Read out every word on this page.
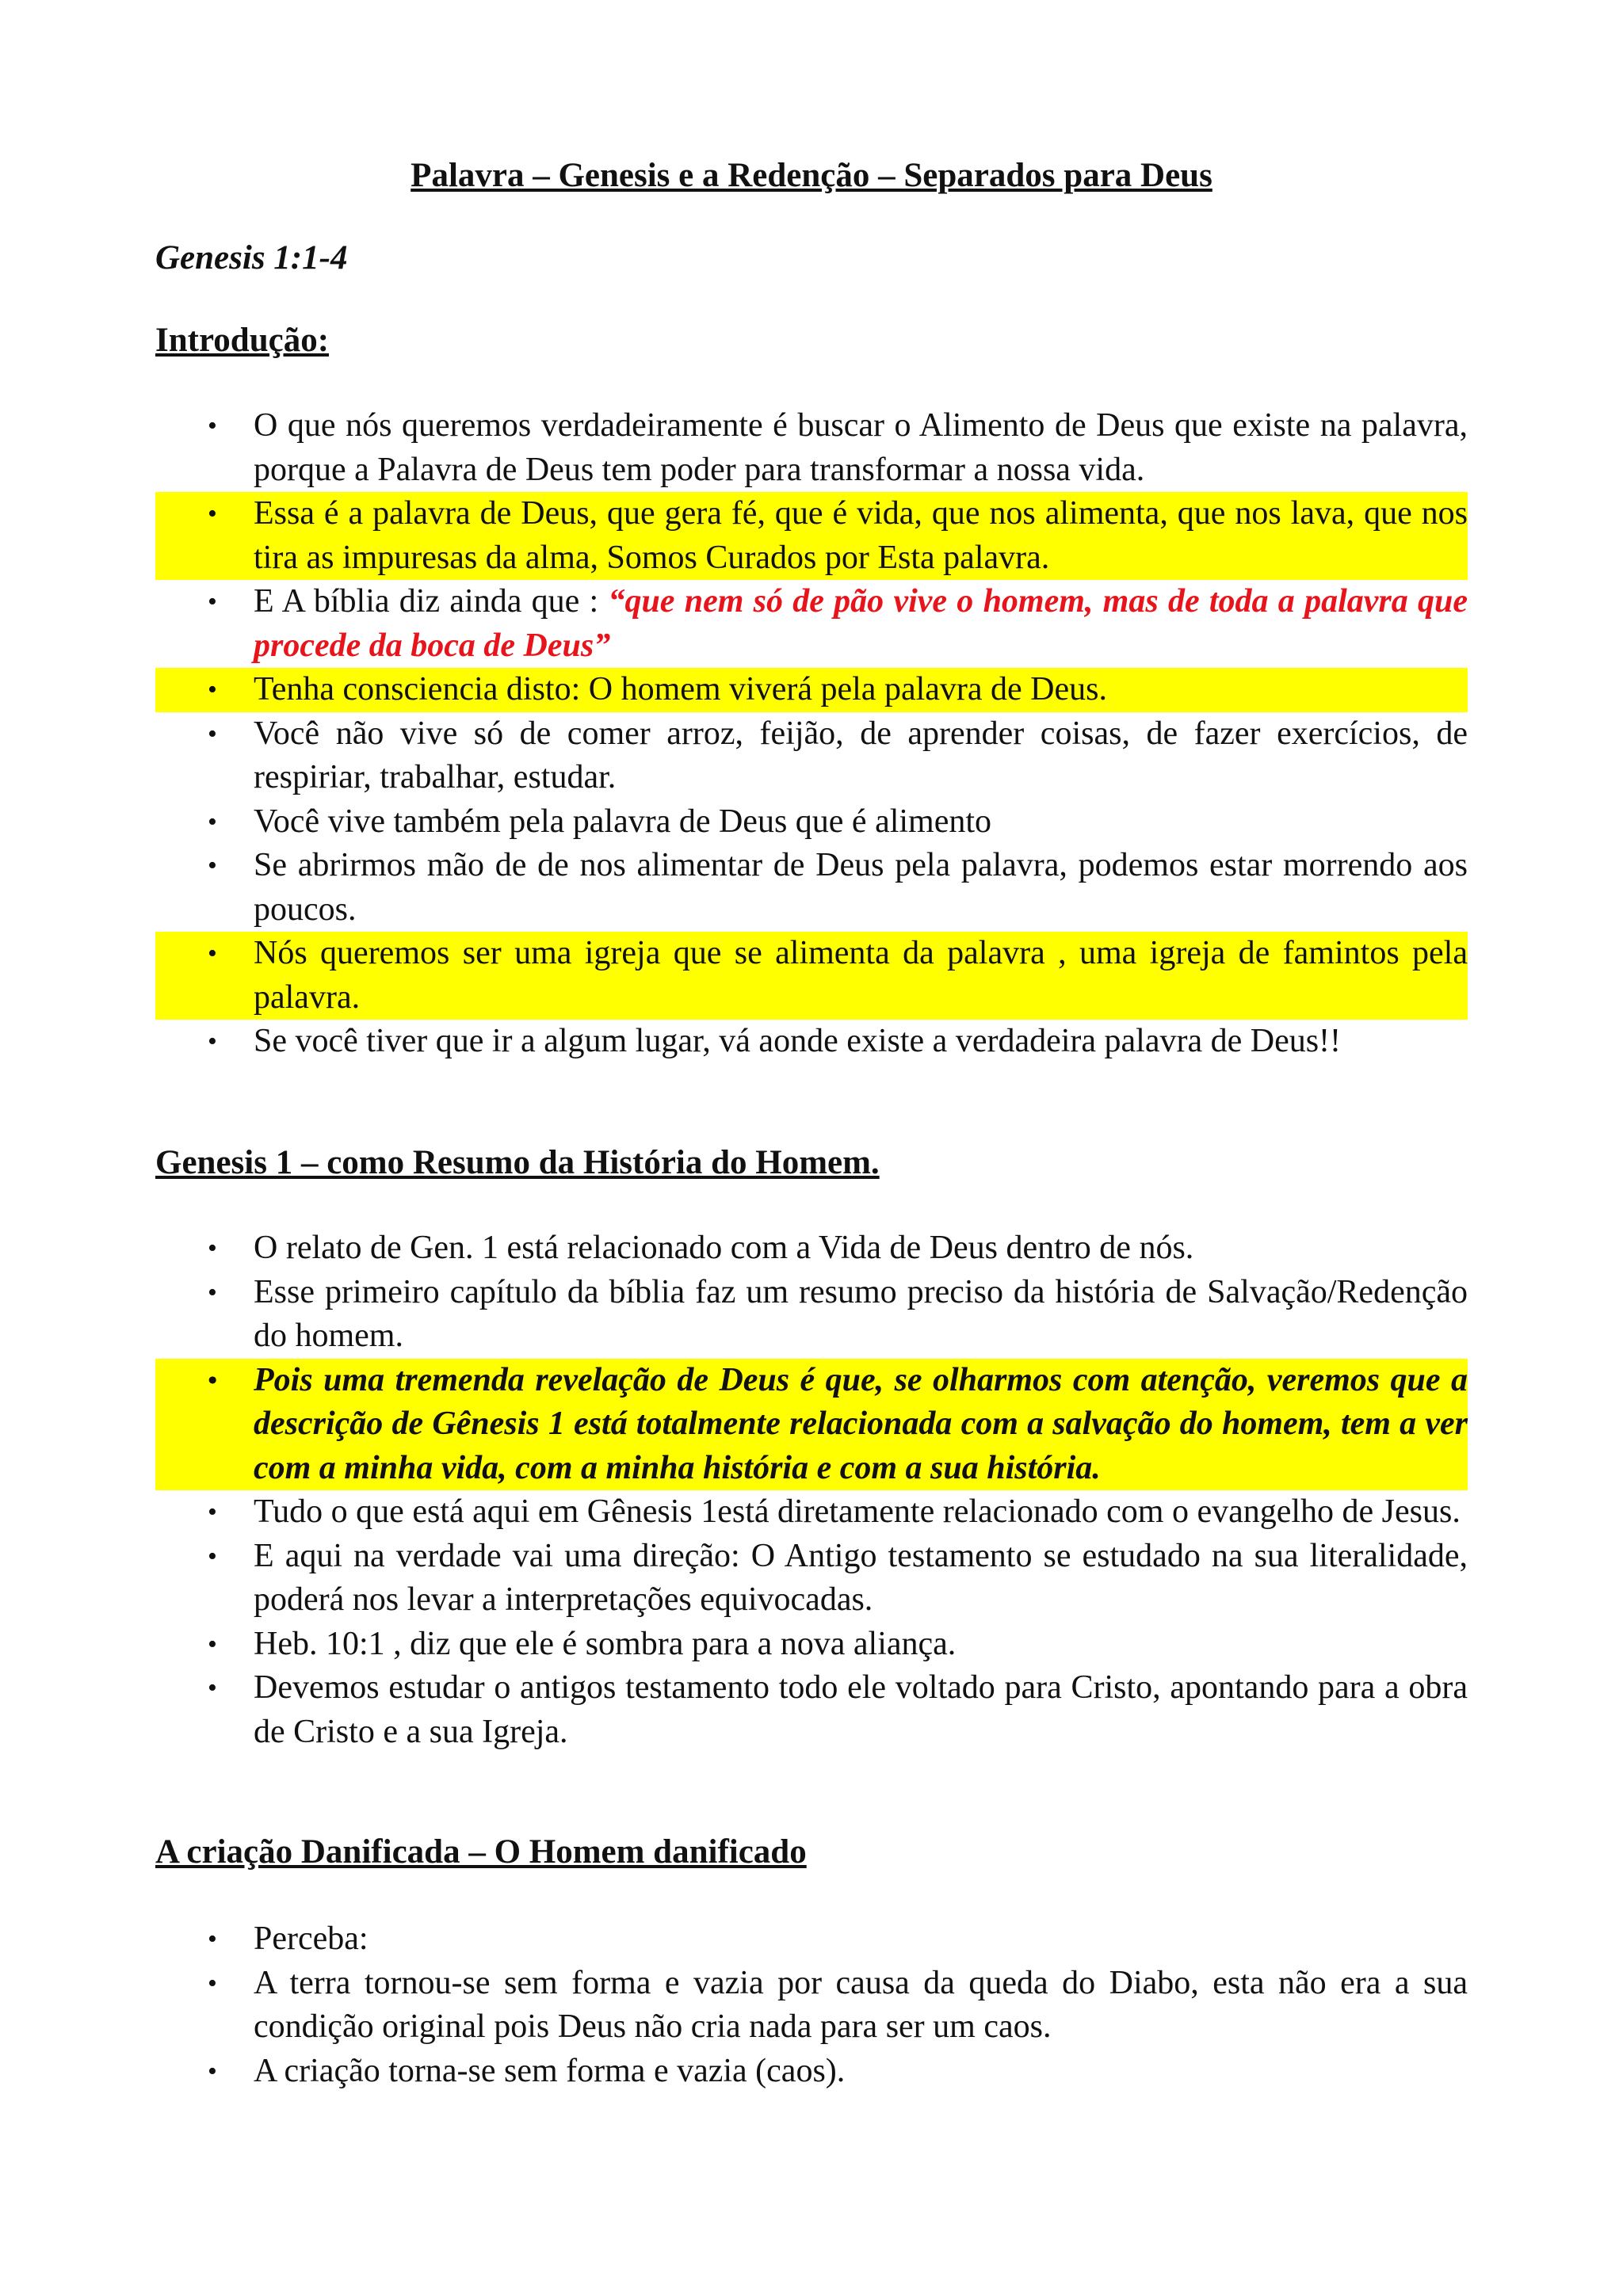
Palavra – Genesis e a Redenção – Separados para Deus

Genesis 1:1-4

Introdução:

• O que nós queremos verdadeiramente é buscar o Alimento de Deus que existe na palavra, porque a Palavra de Deus tem poder para transformar a nossa vida.
• Essa é a palavra de Deus, que gera fé, que é vida, que nos alimenta, que nos lava, que nos tira as impuresas da alma, Somos Curados por Esta palavra.
• E A bíblia diz ainda que : “que nem só de pão vive o homem, mas de toda a palavra que procede da boca de Deus”
• Tenha consciencia disto: O homem viverá pela palavra de Deus.
• Você não vive só de comer arroz, feijão, de aprender coisas, de fazer exercícios, de respiriar, trabalhar, estudar.
• Você vive também pela palavra de Deus que é alimento
• Se abrirmos mão de de nos alimentar de Deus pela palavra, podemos estar morrendo aos poucos.
• Nós queremos ser uma igreja que se alimenta da palavra , uma igreja de famintos pela palavra.
• Se você tiver que ir a algum lugar, vá aonde existe a verdadeira palavra de Deus!!

Genesis 1 – como Resumo da História do Homem.

• O relato de Gen. 1 está relacionado com a Vida de Deus dentro de nós.
• Esse primeiro capítulo da bíblia faz um resumo preciso da história de Salvação/Redenção do homem.
• Pois uma tremenda revelação de Deus é que, se olharmos com atenção, veremos que a descrição de Gênesis 1 está totalmente relacionada com a salvação do homem, tem a ver com a minha vida, com a minha história e com a sua história.
• Tudo o que está aqui em Gênesis 1está diretamente relacionado com o evangelho de Jesus.
• E aqui na verdade vai uma direção: O Antigo testamento se estudado na sua literalidade, poderá nos levar a interpretações equivocadas.
• Heb. 10:1 , diz que ele é sombra para a nova aliança.
• Devemos estudar o antigos testamento todo ele voltado para Cristo, apontando para a obra de Cristo e a sua Igreja.

A criação Danificada – O Homem danificado

• Perceba:
• A terra tornou-se sem forma e vazia por causa da queda do Diabo, esta não era a sua condição original pois Deus não cria nada para ser um caos.
• A criação torna-se sem forma e vazia (caos).
